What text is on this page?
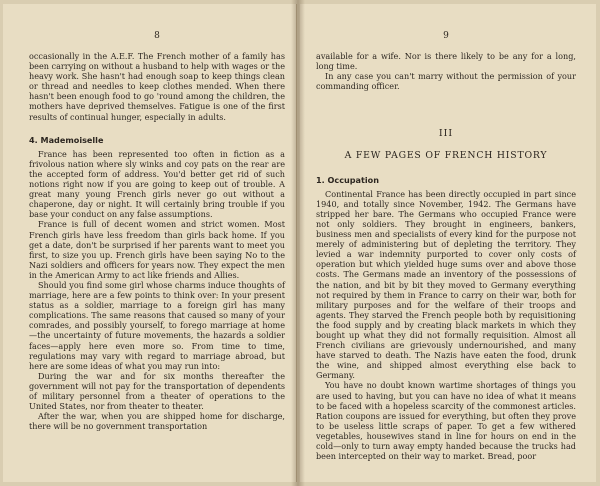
8

occasionally in the A.E.F. The French mother of a family has been carrying on without a husband to help with wages or the heavy work. She hasn't had enough soap to keep things clean or thread and needles to keep clothes mended. When there hasn't been enough food to go 'round among the children, the mothers have deprived themselves. Fatigue is one of the first results of continual hunger, especially in adults.

4. Mademoiselle

France has been represented too often in fiction as a frivolous nation where sly winks and coy pats on the rear are the accepted form of address. You'd better get rid of such notions right now if you are going to keep out of trouble. A great many young French girls never go out without a chaperone, day or night. It will certainly bring trouble if you base your conduct on any false assumptions.

France is full of decent women and strict women. Most French girls have less freedom than girls back home. If you get a date, don't be surprised if her parents want to meet you first, to size you up. French girls have been saying No to the Nazi soldiers and officers for years now. They expect the men in the American Army to act like friends and Allies.

Should you find some girl whose charms induce thoughts of marriage, here are a few points to think over: In your present status as a soldier, marriage to a foreign girl has many complications. The same reasons that caused so many of your comrades, and possibly yourself, to forego marriage at home—the uncertainty of future movements, the hazards a soldier faces—apply here even more so. From time to time, regulations may vary with regard to marriage abroad, but here are some ideas of what you may run into:

During the war and for six months thereafter the government will not pay for the transportation of dependents of military personnel from a theater of operations to the United States, nor from theater to theater.

After the war, when you are shipped home for discharge, there will be no government transportation

9

available for a wife. Nor is there likely to be any for a long, long time.

In any case you can't marry without the permission of your commanding officer.

III
A FEW PAGES OF FRENCH HISTORY
1. Occupation

Continental France has been directly occupied in part since 1940, and totally since November, 1942. The Germans have stripped her bare. The Germans who occupied France were not only soldiers. They brought in engineers, bankers, business men and specialists of every kind for the purpose not merely of administering but of depleting the territory. They levied a war indemnity purported to cover only costs of operation but which yielded huge sums over and above those costs. The Germans made an inventory of the possessions of the nation, and bit by bit they moved to Germany everything not required by them in France to carry on their war, both for military purposes and for the welfare of their troops and agents. They starved the French people both by requisitioning the food supply and by creating black markets in which they bought up what they did not formally requisition. Almost all French civilians are grievously undernourished, and many have starved to death. The Nazis have eaten the food, drunk the wine, and shipped almost everything else back to Germany.

You have no doubt known wartime shortages of things you are used to having, but you can have no idea of what it means to be faced with a hopeless scarcity of the commonest articles. Ration coupons are issued for everything, but often they prove to be useless little scraps of paper. To get a few withered vegetables, housewives stand in line for hours on end in the cold—only to turn away empty handed because the trucks had been intercepted on their way to market. Bread, poor
